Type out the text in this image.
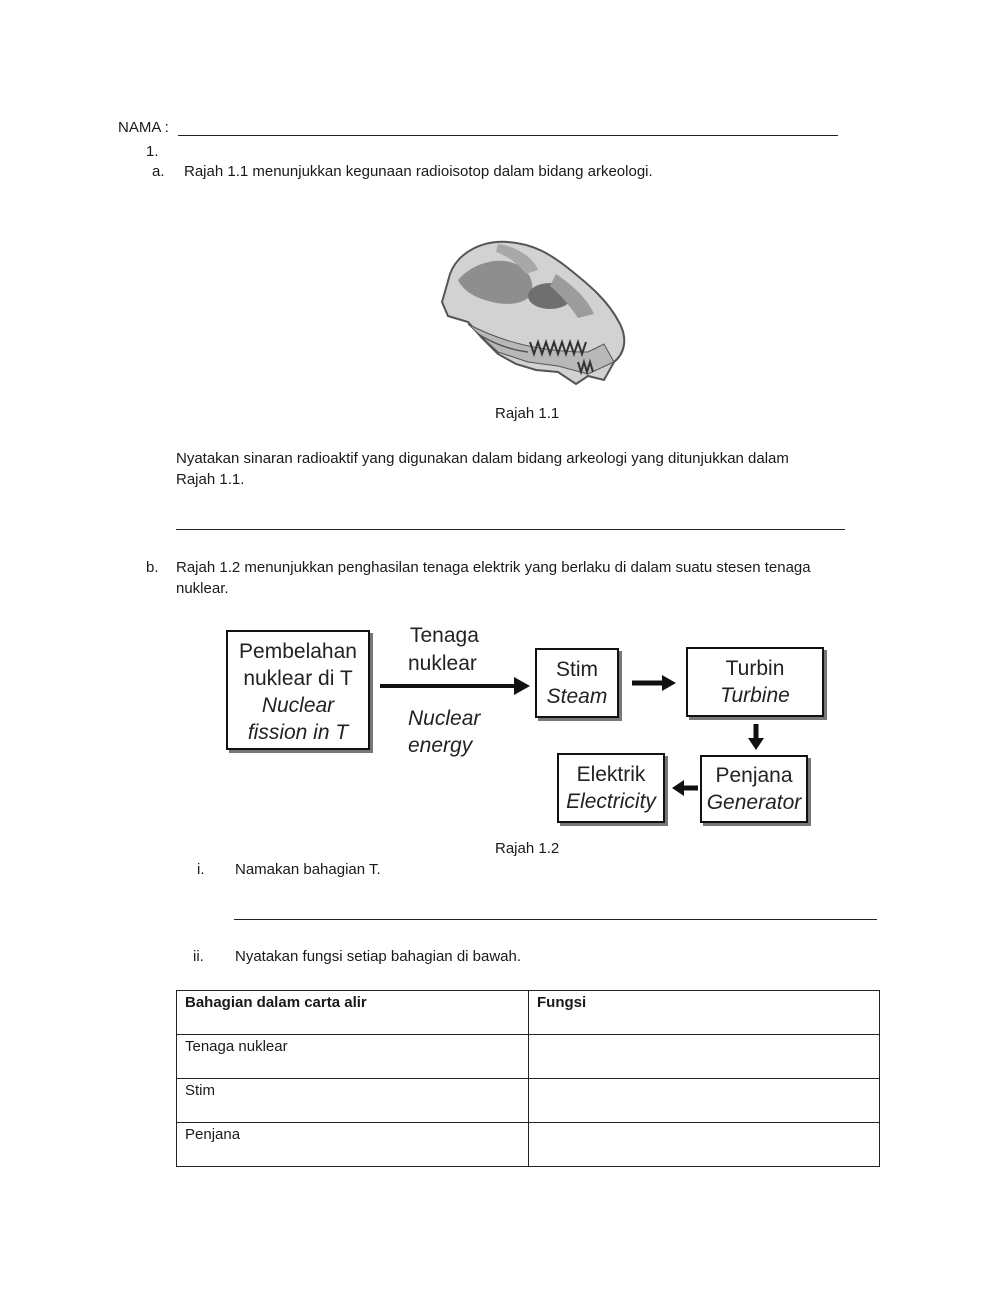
NAMA :
1.
a. Rajah 1.1 menunjukkan kegunaan radioisotop dalam bidang arkeologi.
Rajah 1.1
Nyatakan sinaran radioaktif yang digunakan dalam bidang arkeologi yang ditunjukkan dalam
Rajah 1.1.
b. Rajah 1.2 menunjukkan penghasilan tenaga elektrik yang berlaku di dalam suatu stesen tenaga
nuklear.
Pembelahan
nuklear di T
Nuclear
fission in T
Tenaga
nuklear
Nuclear
energy
Stim
Steam
Turbin
Turbine
Penjana
Generator
Elektrik
Electricity
Rajah 1.2
i. Namakan bahagian T.
ii. Nyatakan fungsi setiap bahagian di bawah.
Bahagian dalam carta alir	Fungsi
Tenaga nuklear	
Stim	
Penjana	
